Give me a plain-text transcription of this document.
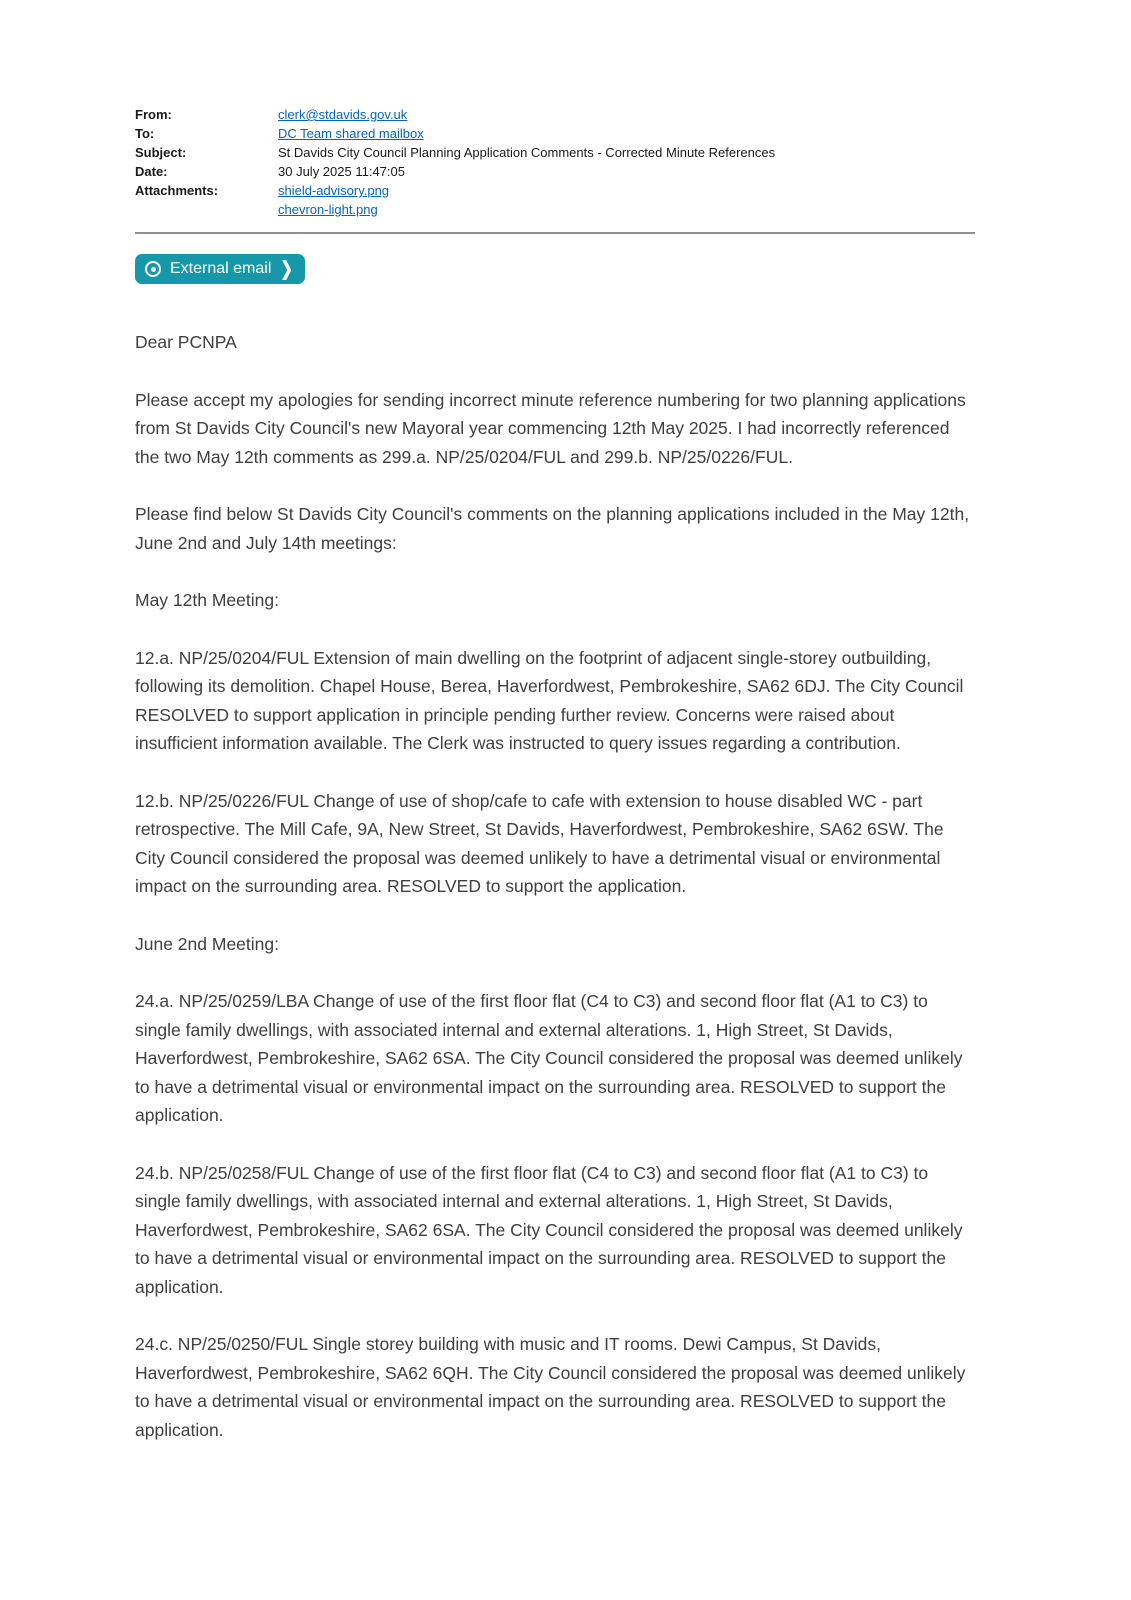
From:	clerk@stdavids.gov.uk
To:	DC Team shared mailbox
Subject:	St Davids City Council Planning Application Comments - Corrected Minute References
Date:	30 July 2025 11:47:05
Attachments:	shield-advisory.png
chevron-light.png
External email ❯

Dear PCNPA

Please accept my apologies for sending incorrect minute reference numbering for two planning applications from St Davids City Council's new Mayoral year commencing 12th May 2025. I had incorrectly referenced the two May 12th comments as 299.a. NP/25/0204/FUL and 299.b. NP/25/0226/FUL.

Please find below St Davids City Council's comments on the planning applications included in the May 12th, June 2nd and July 14th meetings:

May 12th Meeting:

12.a. NP/25/0204/FUL Extension of main dwelling on the footprint of adjacent single-storey outbuilding, following its demolition. Chapel House, Berea, Haverfordwest, Pembrokeshire, SA62 6DJ. The City Council RESOLVED to support application in principle pending further review. Concerns were raised about insufficient information available. The Clerk was instructed to query issues regarding a contribution.

12.b. NP/25/0226/FUL Change of use of shop/cafe to cafe with extension to house disabled WC - part retrospective. The Mill Cafe, 9A, New Street, St Davids, Haverfordwest, Pembrokeshire, SA62 6SW. The City Council considered the proposal was deemed unlikely to have a detrimental visual or environmental impact on the surrounding area. RESOLVED to support the application.

June 2nd Meeting:

24.a. NP/25/0259/LBA Change of use of the first floor flat (C4 to C3) and second floor flat (A1 to C3) to single family dwellings, with associated internal and external alterations. 1, High Street, St Davids, Haverfordwest, Pembrokeshire, SA62 6SA. The City Council considered the proposal was deemed unlikely to have a detrimental visual or environmental impact on the surrounding area. RESOLVED to support the application.

24.b. NP/25/0258/FUL Change of use of the first floor flat (C4 to C3) and second floor flat (A1 to C3) to single family dwellings, with associated internal and external alterations. 1, High Street, St Davids, Haverfordwest, Pembrokeshire, SA62 6SA. The City Council considered the proposal was deemed unlikely to have a detrimental visual or environmental impact on the surrounding area. RESOLVED to support the application.

24.c. NP/25/0250/FUL Single storey building with music and IT rooms. Dewi Campus, St Davids, Haverfordwest, Pembrokeshire, SA62 6QH. The City Council considered the proposal was deemed unlikely to have a detrimental visual or environmental impact on the surrounding area. RESOLVED to support the application.
